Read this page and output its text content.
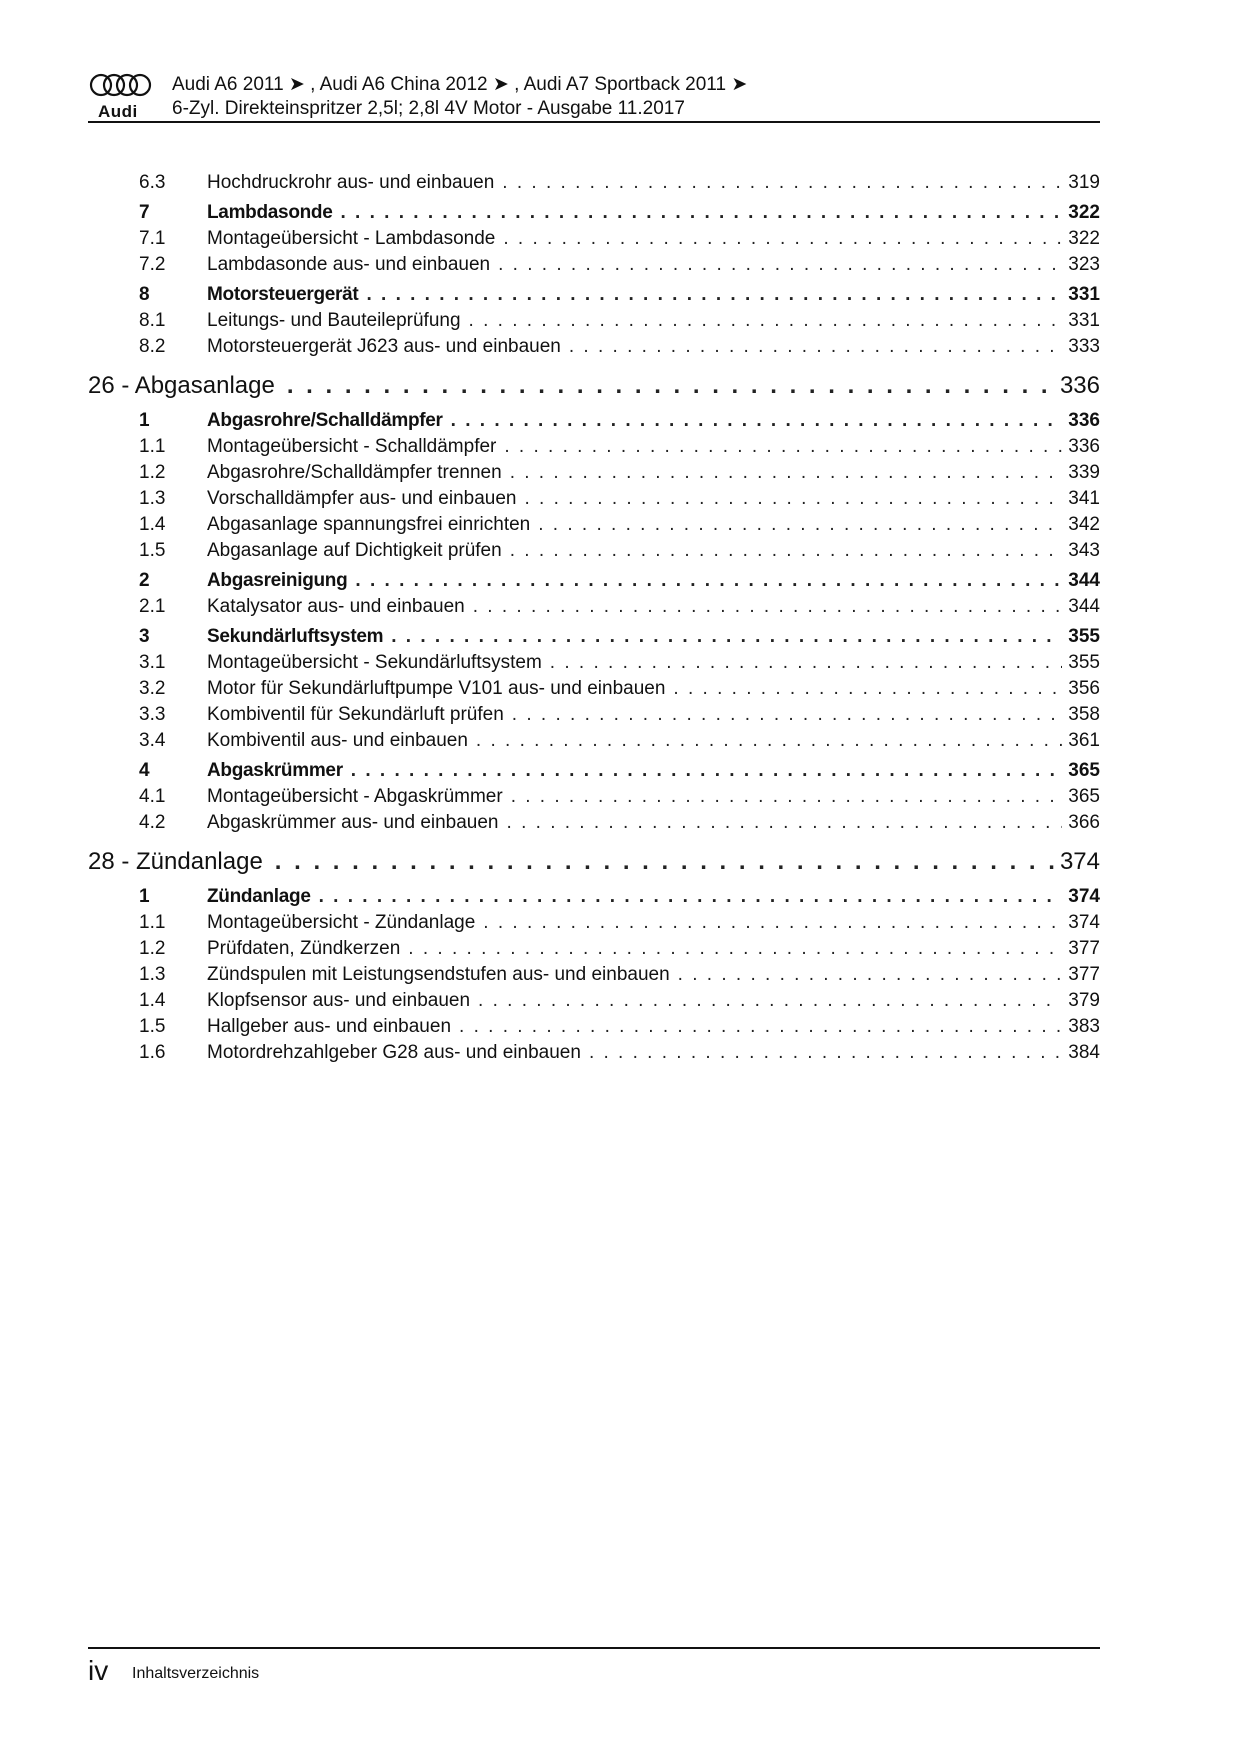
Audi
Audi A6 2011 ➤ , Audi A6 China 2012 ➤ , Audi A7 Sportback 2011 ➤
6-Zyl. Direkteinspritzer 2,5l; 2,8l 4V Motor - Ausgabe 11.2017
6.3	Hochdruckrohr aus- und einbauen . . .	319
7	Lambdasonde . . .	322
7.1	Montageübersicht - Lambdasonde . . .	322
7.2	Lambdasonde aus- und einbauen . . .	323
8	Motorsteuergerät . . .	331
8.1	Leitungs- und Bauteileprüfung . . .	331
8.2	Motorsteuergerät J623 aus- und einbauen . . .	333
26 - Abgasanlage . . .	336
1	Abgasrohre/Schalldämpfer . . .	336
1.1	Montageübersicht - Schalldämpfer . . .	336
1.2	Abgasrohre/Schalldämpfer trennen . . .	339
1.3	Vorschalldämpfer aus- und einbauen . . .	341
1.4	Abgasanlage spannungsfrei einrichten . . .	342
1.5	Abgasanlage auf Dichtigkeit prüfen . . .	343
2	Abgasreinigung . . .	344
2.1	Katalysator aus- und einbauen . . .	344
3	Sekundärluftsystem . . .	355
3.1	Montageübersicht - Sekundärluftsystem . . .	355
3.2	Motor für Sekundärluftpumpe V101 aus- und einbauen . . .	356
3.3	Kombiventil für Sekundärluft prüfen . . .	358
3.4	Kombiventil aus- und einbauen . . .	361
4	Abgaskrümmer . . .	365
4.1	Montageübersicht - Abgaskrümmer . . .	365
4.2	Abgaskrümmer aus- und einbauen . . .	366
28 - Zündanlage . . .	374
1	Zündanlage . . .	374
1.1	Montageübersicht - Zündanlage . . .	374
1.2	Prüfdaten, Zündkerzen . . .	377
1.3	Zündspulen mit Leistungsendstufen aus- und einbauen . . .	377
1.4	Klopfsensor aus- und einbauen . . .	379
1.5	Hallgeber aus- und einbauen . . .	383
1.6	Motordrehzahlgeber G28 aus- und einbauen . . .	384
iv Inhaltsverzeichnis
